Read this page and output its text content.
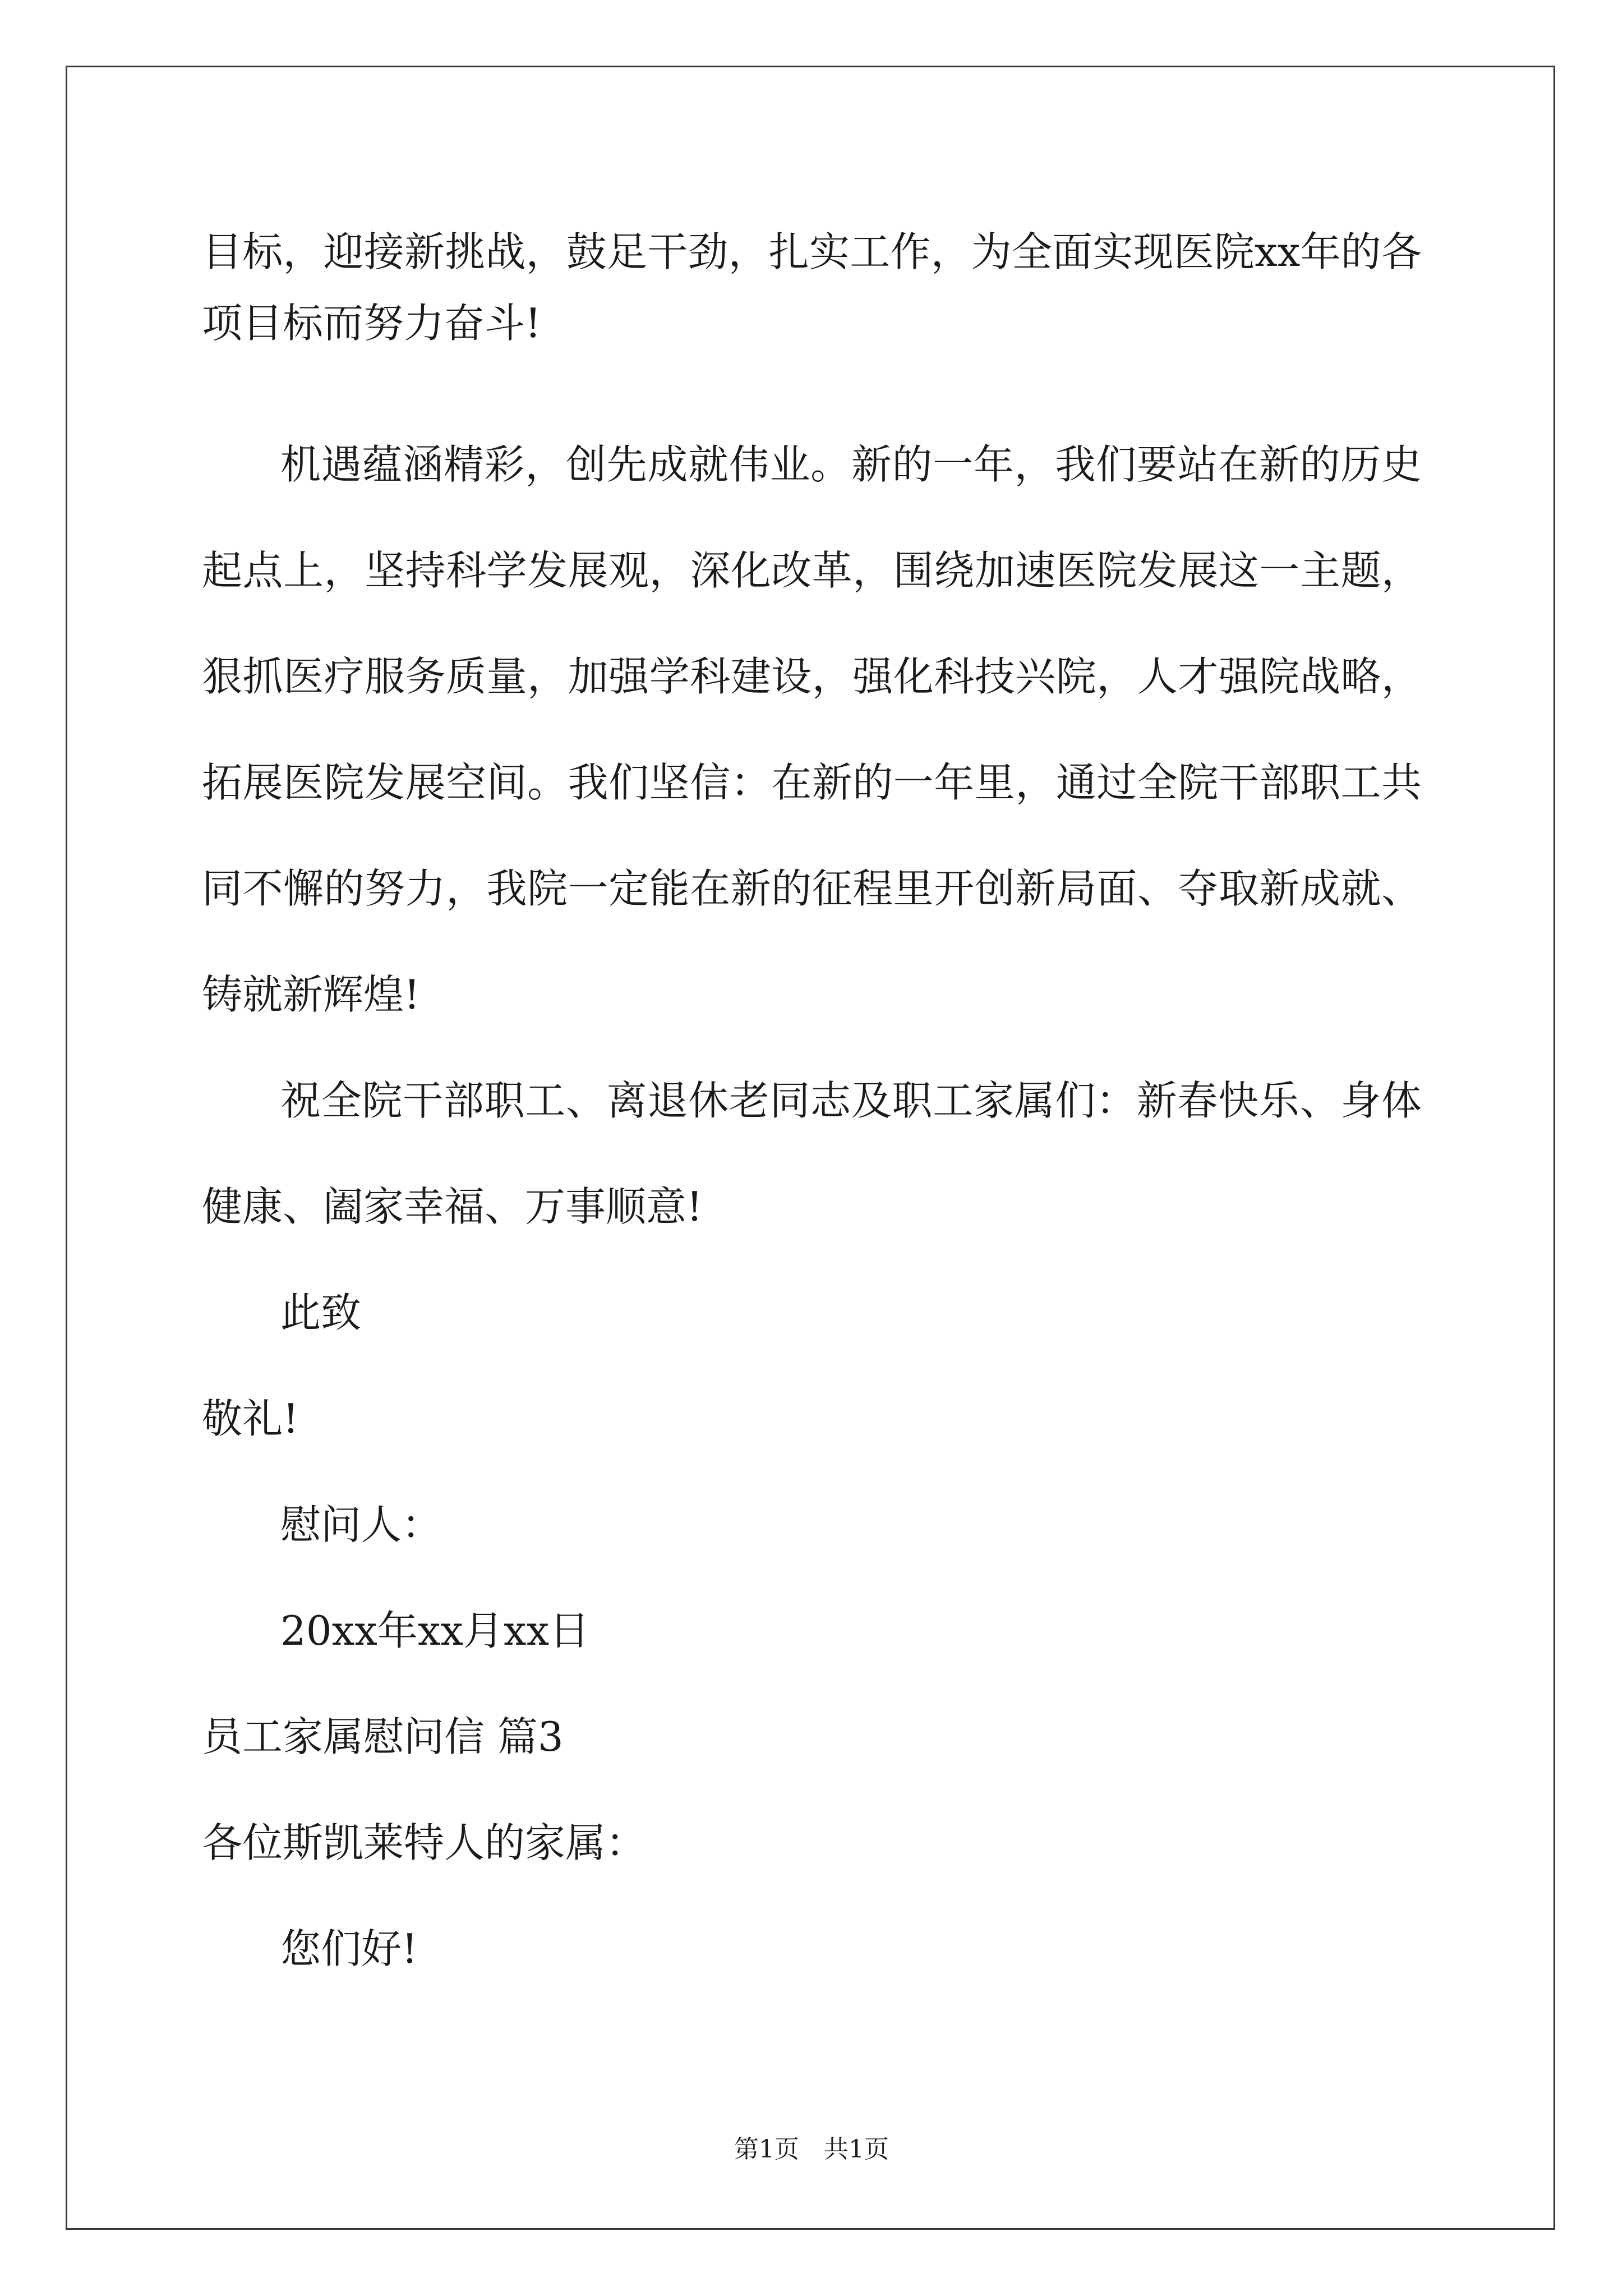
目标，迎接新挑战，鼓足干劲，扎实工作，为全面实现医院xx年的各
项目标而努力奋斗!
机遇蕴涵精彩，创先成就伟业。新的一年，我们要站在新的历史
起点上，坚持科学发展观，深化改革，围绕加速医院发展这一主题，
狠抓医疗服务质量，加强学科建设，强化科技兴院，人才强院战略，
拓展医院发展空间。我们坚信：在新的一年里，通过全院干部职工共
同不懈的努力，我院一定能在新的征程里开创新局面、夺取新成就、
铸就新辉煌!
祝全院干部职工、离退休老同志及职工家属们：新春快乐、身体
健康、阖家幸福、万事顺意!
此致
敬礼!
慰问人：
20xx年xx月xx日
员工家属慰问信 篇3
各位斯凯莱特人的家属：
您们好!
第1页　共1页
